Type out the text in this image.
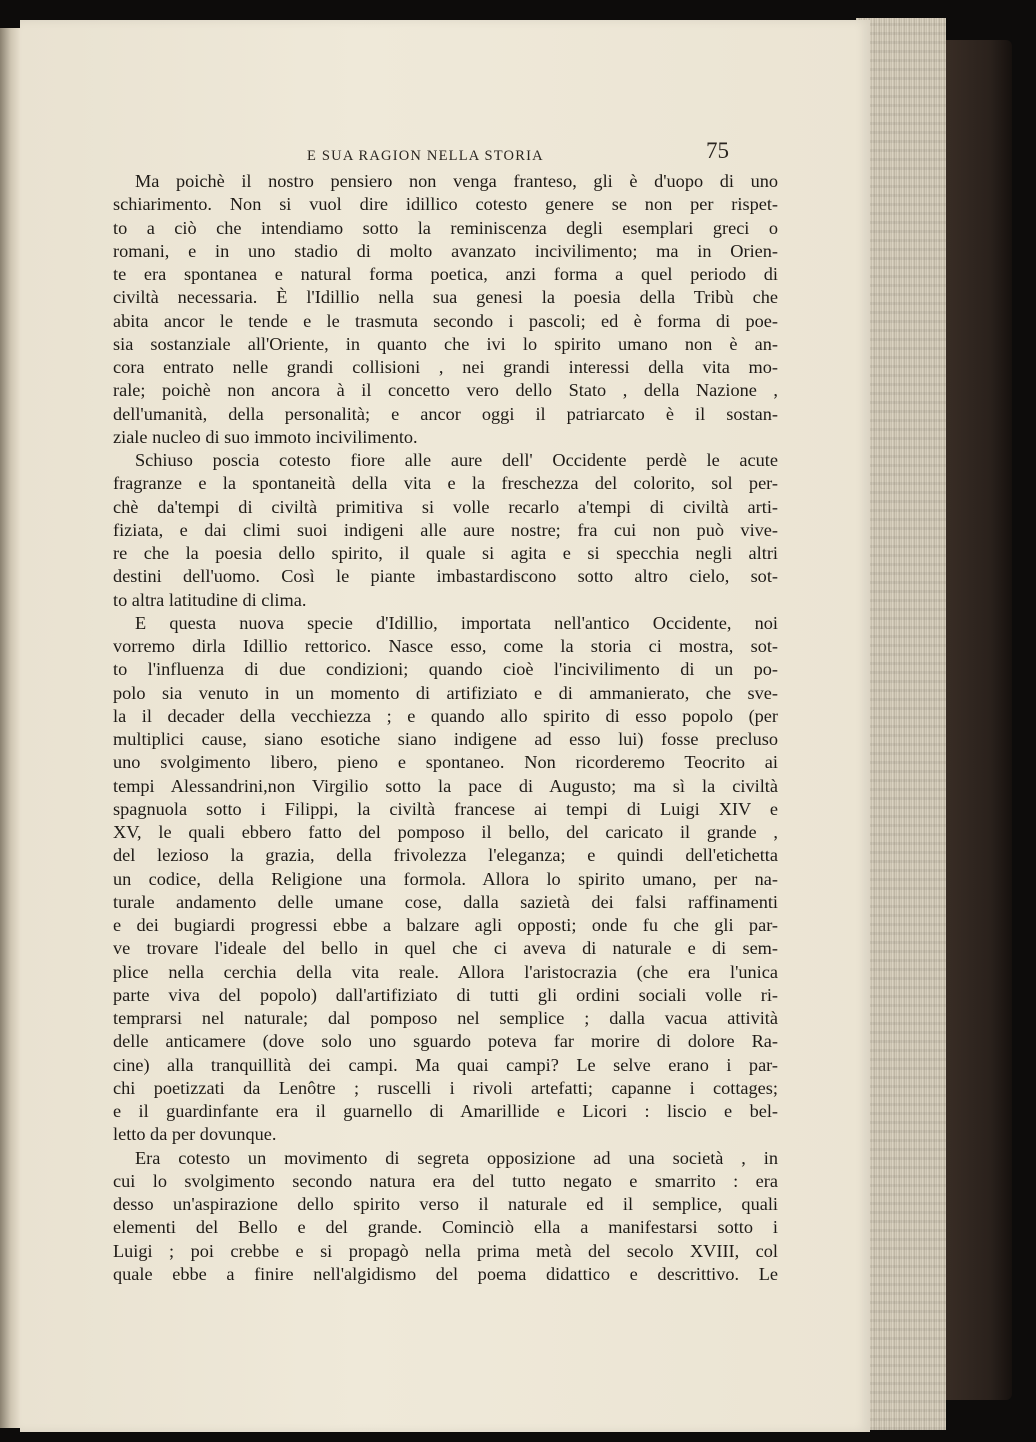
E SUA RAGION NELLA STORIA	75
Ma poichè il nostro pensiero non venga franteso, gli è d'uopo di uno
schiarimento. Non si vuol dire idillico cotesto genere se non per rispet-
to a ciò che intendiamo sotto la reminiscenza degli esemplari greci o
romani, e in uno stadio di molto avanzato incivilimento; ma in Orien-
te era spontanea e natural forma poetica, anzi forma a quel periodo di
civiltà necessaria. È l'Idillio nella sua genesi la poesia della Tribù che
abita ancor le tende e le trasmuta secondo i pascoli; ed è forma di poe-
sia sostanziale all'Oriente, in quanto che ivi lo spirito umano non è an-
cora entrato nelle grandi collisioni , nei grandi interessi della vita mo-
rale; poichè non ancora à il concetto vero dello Stato , della Nazione ,
dell'umanità, della personalità; e ancor oggi il patriarcato è il sostan-
ziale nucleo di suo immoto incivilimento.
Schiuso poscia cotesto fiore alle aure dell' Occidente perdè le acute
fragranze e la spontaneità della vita e la freschezza del colorito, sol per-
chè da'tempi di civiltà primitiva si volle recarlo a'tempi di civiltà arti-
fiziata, e dai climi suoi indigeni alle aure nostre; fra cui non può vive-
re che la poesia dello spirito, il quale si agita e si specchia negli altri
destini dell'uomo. Così le piante imbastardiscono sotto altro cielo, sot-
to altra latitudine di clima.
E questa nuova specie d'Idillio, importata nell'antico Occidente, noi
vorremo dirla Idillio rettorico. Nasce esso, come la storia ci mostra, sot-
to l'influenza di due condizioni; quando cioè l'incivilimento di un po-
polo sia venuto in un momento di artifiziato e di ammanierato, che sve-
la il decader della vecchiezza ; e quando allo spirito di esso popolo (per
multiplici cause, siano esotiche siano indigene ad esso lui) fosse precluso
uno svolgimento libero, pieno e spontaneo. Non ricorderemo Teocrito ai
tempi Alessandrini,non Virgilio sotto la pace di Augusto; ma sì la civiltà
spagnuola sotto i Filippi, la civiltà francese ai tempi di Luigi XIV e
XV, le quali ebbero fatto del pomposo il bello, del caricato il grande ,
del lezioso la grazia, della frivolezza l'eleganza; e quindi dell'etichetta
un codice, della Religione una formola. Allora lo spirito umano, per na-
turale andamento delle umane cose, dalla sazietà dei falsi raffinamenti
e dei bugiardi progressi ebbe a balzare agli opposti; onde fu che gli par-
ve trovare l'ideale del bello in quel che ci aveva di naturale e di sem-
plice nella cerchia della vita reale. Allora l'aristocrazia (che era l'unica
parte viva del popolo) dall'artifiziato di tutti gli ordini sociali volle ri-
temprarsi nel naturale; dal pomposo nel semplice ; dalla vacua attività
delle anticamere (dove solo uno sguardo poteva far morire di dolore Ra-
cine) alla tranquillità dei campi. Ma quai campi? Le selve erano i par-
chi poetizzati da Lenôtre ; ruscelli i rivoli artefatti; capanne i cottages;
e il guardinfante era il guarnello di Amarillide e Licori : liscio e bel-
letto da per dovunque.
Era cotesto un movimento di segreta opposizione ad una società , in
cui lo svolgimento secondo natura era del tutto negato e smarrito : era
desso un'aspirazione dello spirito verso il naturale ed il semplice, quali
elementi del Bello e del grande. Cominciò ella a manifestarsi sotto i
Luigi ; poi crebbe e si propagò nella prima metà del secolo XVIII, col
quale ebbe a finire nell'algidismo del poema didattico e descrittivo. Le
